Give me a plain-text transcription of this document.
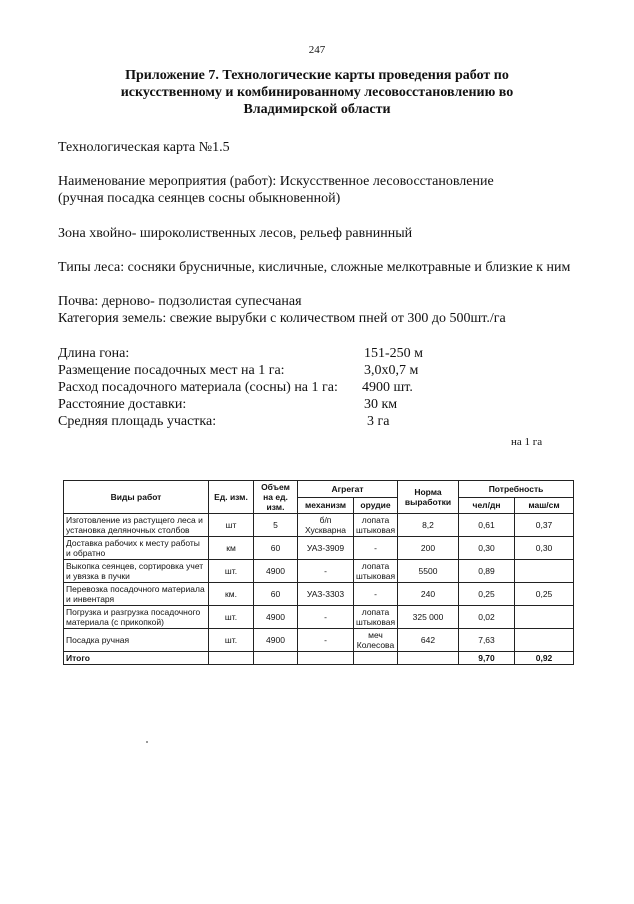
247
Приложение 7. Технологические карты проведения работ по
искусственному и комбинированному лесовосстановлению во
Владимирской области
Технологическая карта №1.5
Наименование мероприятия (работ): Искусственное лесовосстановление
(ручная посадка сеянцев сосны обыкновенной)
Зона хвойно- широколиственных лесов, рельеф равнинный
Типы леса: сосняки брусничные, кисличные, сложные мелкотравные и близкие к ним
Почва: дерново- подзолистая супесчаная
Категория земель: свежие вырубки с количеством пней от 300 до 500шт./га
Длина гона:	151-250 м
Размещение посадочных мест на 1 га:	3,0х0,7 м
Расход посадочного материала (сосны) на 1 га: 4900 шт.
Расстояние доставки:	30 км
Средняя площадь участка:	3 га
на 1 га
Виды работ	Ед. изм.	Объем на ед. изм.	Агрегат		Норма выработки	Потребность	
			механизм	орудие		чел/дн	маш/см
Изготовление из растущего леса и установка деляночных столбов	шт	5	б/п Хускварна	лопата штыковая	8,2	0,61	0,37
Доставка рабочих к месту работы и обратно	км	60	УАЗ-3909	-	200	0,30	0,30
Выкопка сеянцев, сортировка учет и увязка в пучки	шт.	4900	-	лопата штыковая	5500	0,89	
Перевозка посадочного материала и инвентаря	км.	60	УАЗ-3303	-	240	0,25	0,25
Погрузка и разгрузка посадочного материала (с прикопкой)	шт.	4900	-	лопата штыковая	325 000	0,02	
Посадка ручная	шт.	4900	-	меч Колесова	642	7,63	
Итого						9,70	0,92
